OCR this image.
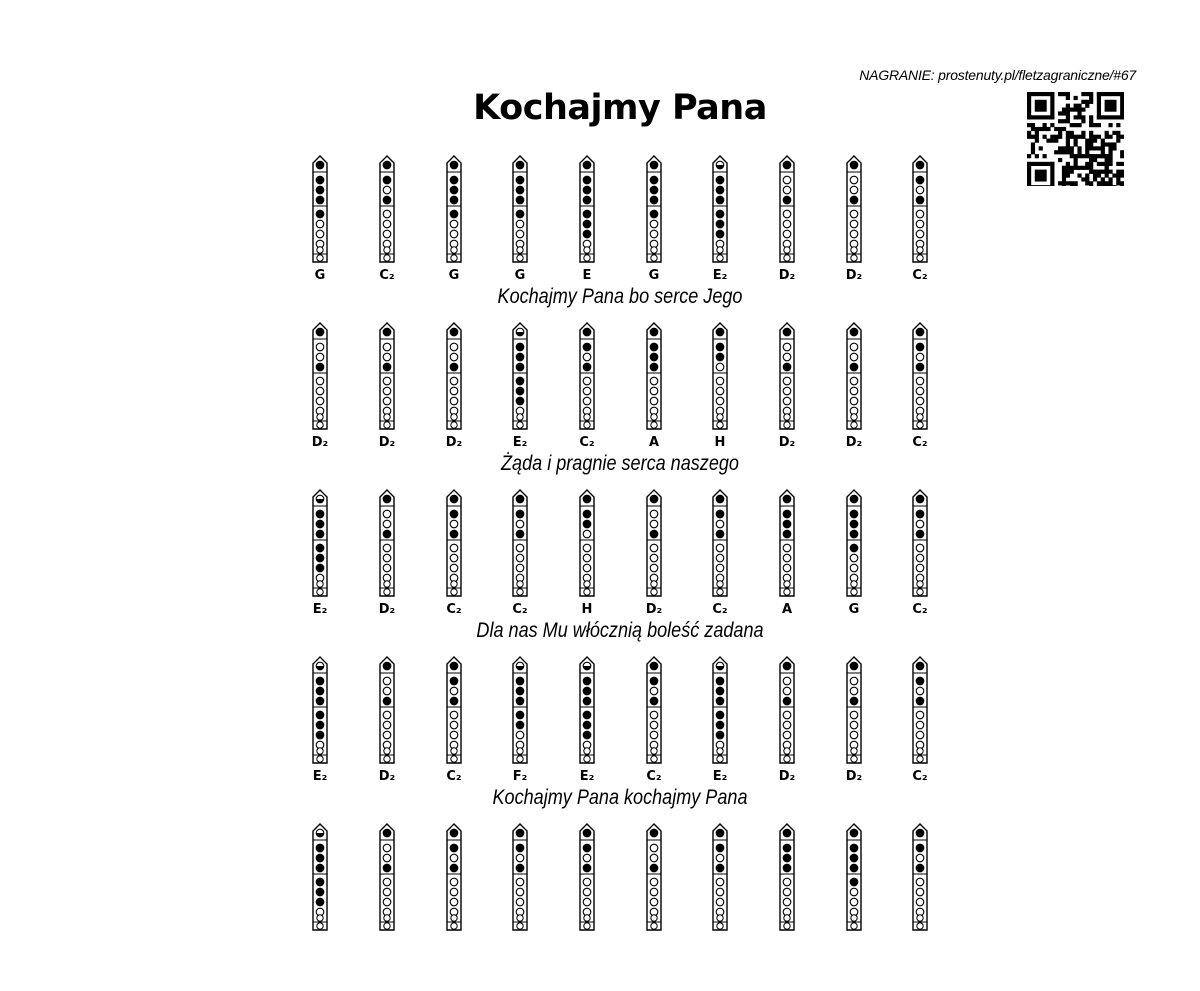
NAGRANIE: prostenuty.pl/fletzagraniczne/#67
Kochajmy Pana
G	C₂	G	G	E	G	E₂	D₂	D₂	C₂
Kochajmy Pana bo serce Jego
D₂	D₂	D₂	E₂	C₂	A	H	D₂	D₂	C₂
Żąda i pragnie serca naszego
E₂	D₂	C₂	C₂	H	D₂	C₂	A	G	C₂
Dla nas Mu włócznią boleść zadana
E₂	D₂	C₂	F₂	E₂	C₂	E₂	D₂	D₂	C₂
Kochajmy Pana kochajmy Pana
